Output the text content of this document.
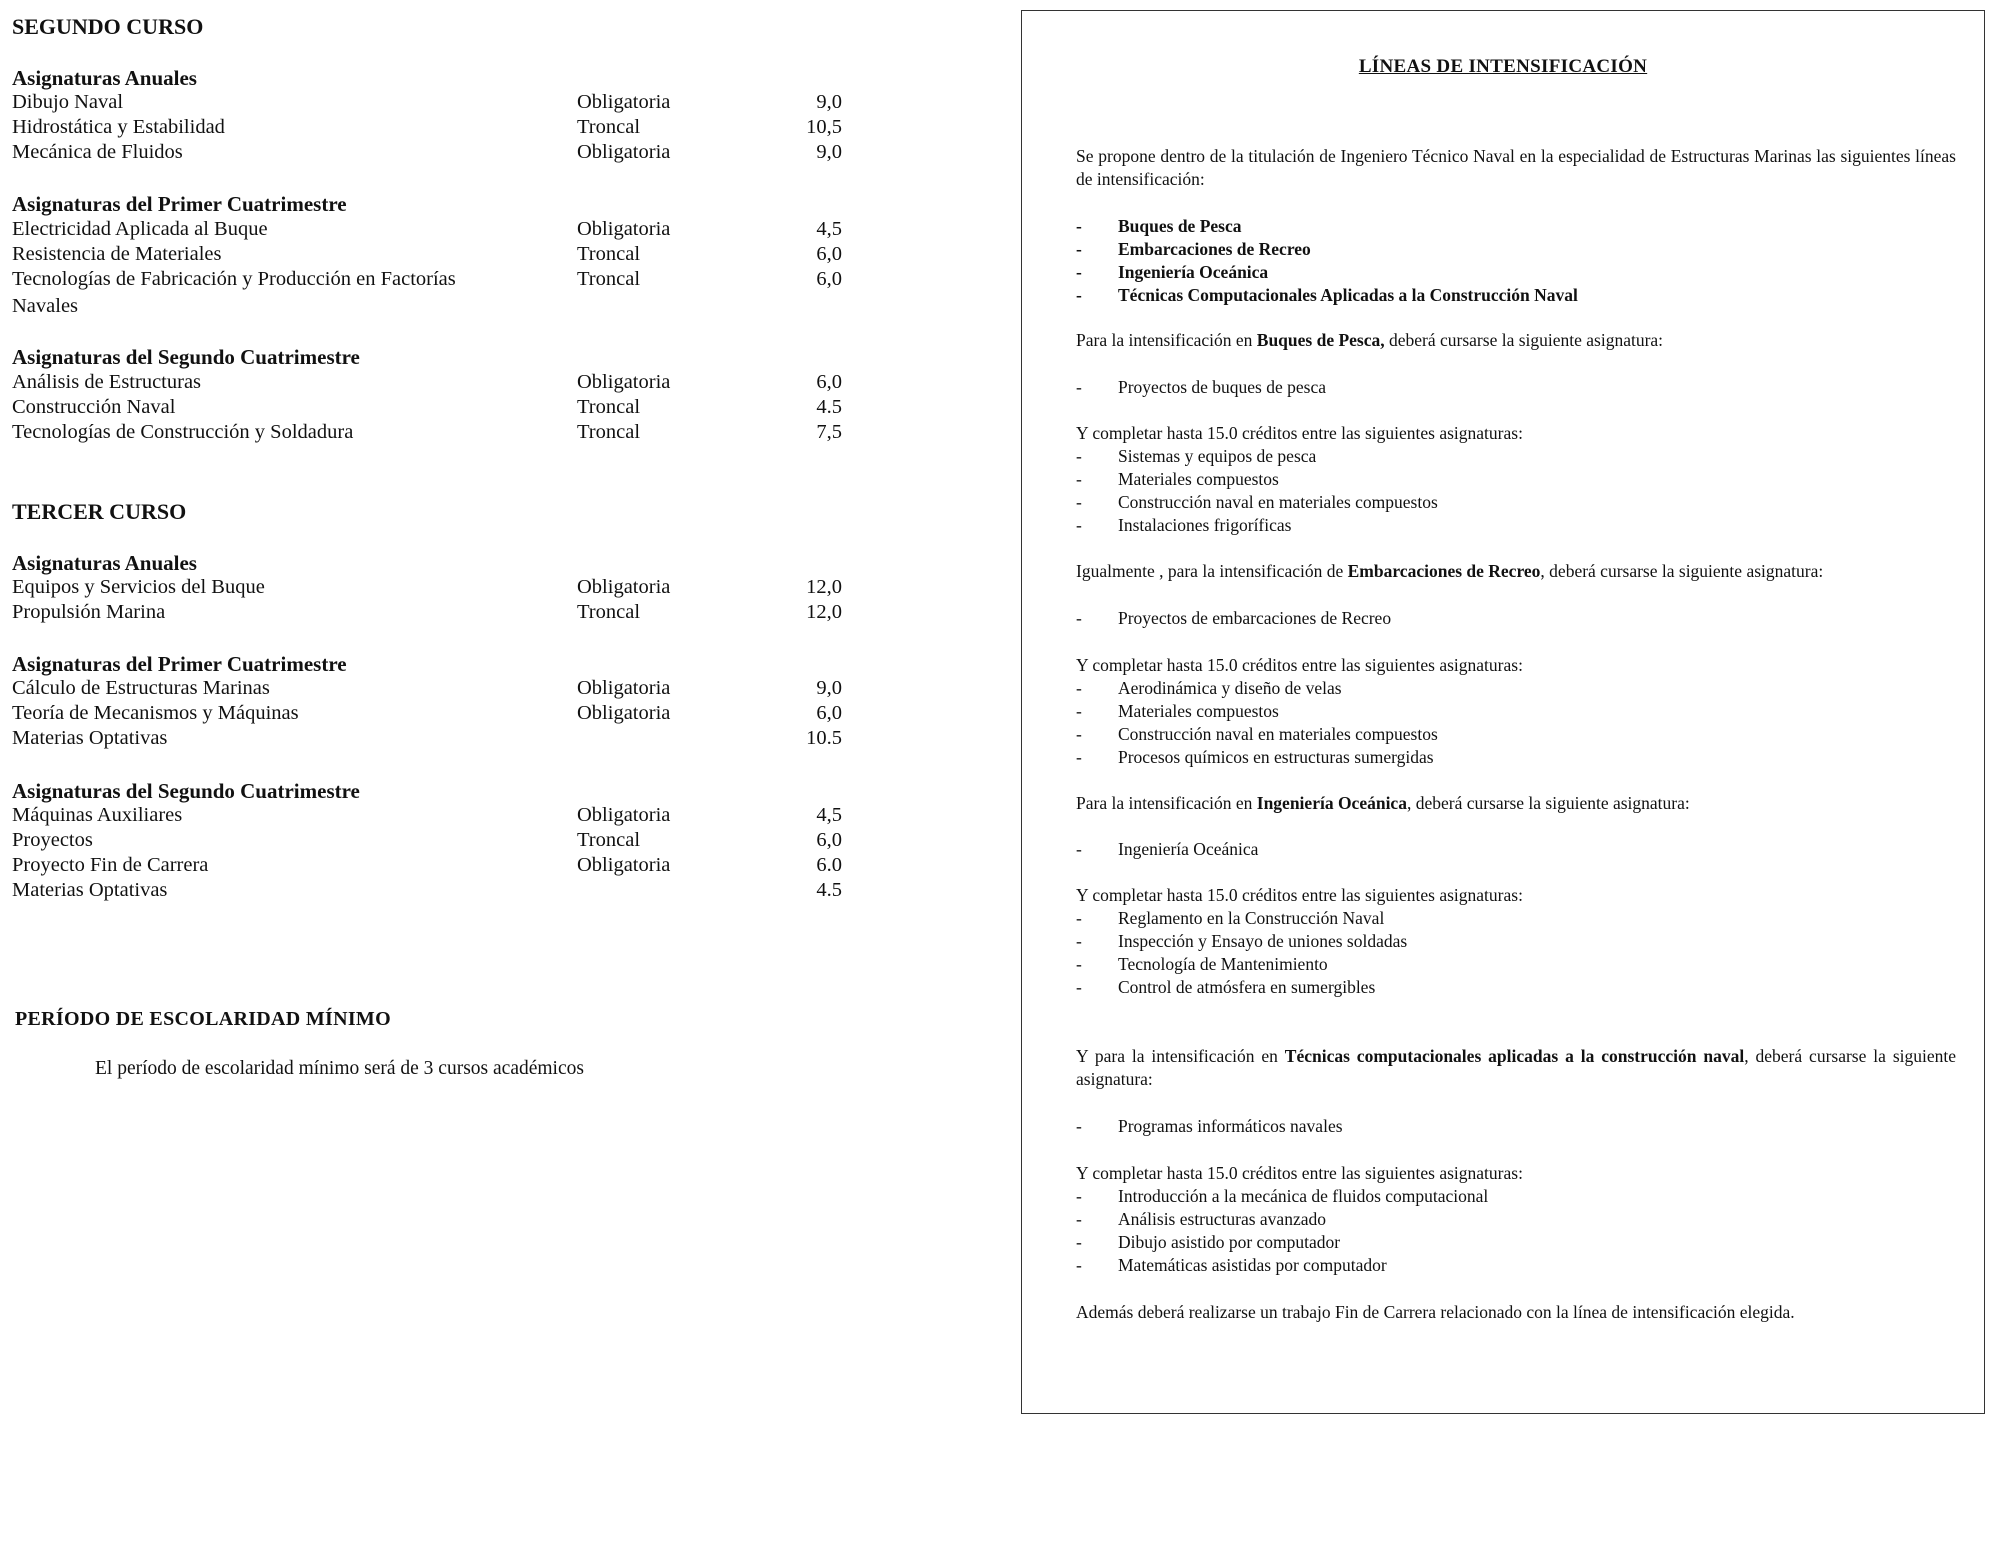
SEGUNDO CURSO
Asignaturas Anuales
Dibujo Naval	Obligatoria	9,0
Hidrostática y Estabilidad	Troncal	10,5
Mecánica de Fluidos	Obligatoria	9,0
Asignaturas del Primer Cuatrimestre
Electricidad Aplicada al Buque	Obligatoria	4,5
Resistencia de Materiales	Troncal	6,0
Tecnologías de Fabricación y Producción en Factorías	Troncal	6,0
Navales
Asignaturas del Segundo Cuatrimestre
Análisis de Estructuras	Obligatoria	6,0
Construcción Naval	Troncal	4.5
Tecnologías de Construcción y Soldadura	Troncal	7,5
TERCER CURSO
Asignaturas Anuales
Equipos y Servicios del Buque	Obligatoria	12,0
Propulsión Marina	Troncal	12,0
Asignaturas del Primer Cuatrimestre
Cálculo de Estructuras Marinas	Obligatoria	9,0
Teoría de Mecanismos y Máquinas	Obligatoria	6,0
Materias Optativas	10.5
Asignaturas del Segundo Cuatrimestre
Máquinas Auxiliares	Obligatoria	4,5
Proyectos	Troncal	6,0
Proyecto Fin de Carrera	Obligatoria	6.0
Materias Optativas	4.5
PERÍODO DE ESCOLARIDAD MÍNIMO
El período de escolaridad mínimo será de 3 cursos académicos
LÍNEAS DE INTENSIFICACIÓN
Se propone dentro de la titulación de Ingeniero Técnico Naval en la especialidad de Estructuras Marinas las siguientes líneas de intensificación:
- Buques de Pesca
- Embarcaciones de Recreo
- Ingeniería Oceánica
- Técnicas Computacionales Aplicadas a la Construcción Naval
Para la intensificación en Buques de Pesca, deberá cursarse la siguiente asignatura:
- Proyectos de buques de pesca
Y completar hasta 15.0 créditos entre las siguientes asignaturas:
- Sistemas y equipos de pesca
- Materiales compuestos
- Construcción naval en materiales compuestos
- Instalaciones frigoríficas
Igualmente , para la intensificación de Embarcaciones de Recreo, deberá cursarse la siguiente asignatura:
- Proyectos de embarcaciones de Recreo
Y completar hasta 15.0 créditos entre las siguientes asignaturas:
- Aerodinámica y diseño de velas
- Materiales compuestos
- Construcción naval en materiales compuestos
- Procesos químicos en estructuras sumergidas
Para la intensificación en Ingeniería Oceánica, deberá cursarse la siguiente asignatura:
- Ingeniería Oceánica
Y completar hasta 15.0 créditos entre las siguientes asignaturas:
- Reglamento en la Construcción Naval
- Inspección y Ensayo de uniones soldadas
- Tecnología de Mantenimiento
- Control de atmósfera en sumergibles
Y para la intensificación en Técnicas computacionales aplicadas a la construcción naval, deberá cursarse la siguiente asignatura:
- Programas informáticos navales
Y completar hasta 15.0 créditos entre las siguientes asignaturas:
- Introducción a la mecánica de fluidos computacional
- Análisis estructuras avanzado
- Dibujo asistido por computador
- Matemáticas asistidas por computador
Además deberá realizarse un trabajo Fin de Carrera relacionado con la línea de intensificación elegida.
